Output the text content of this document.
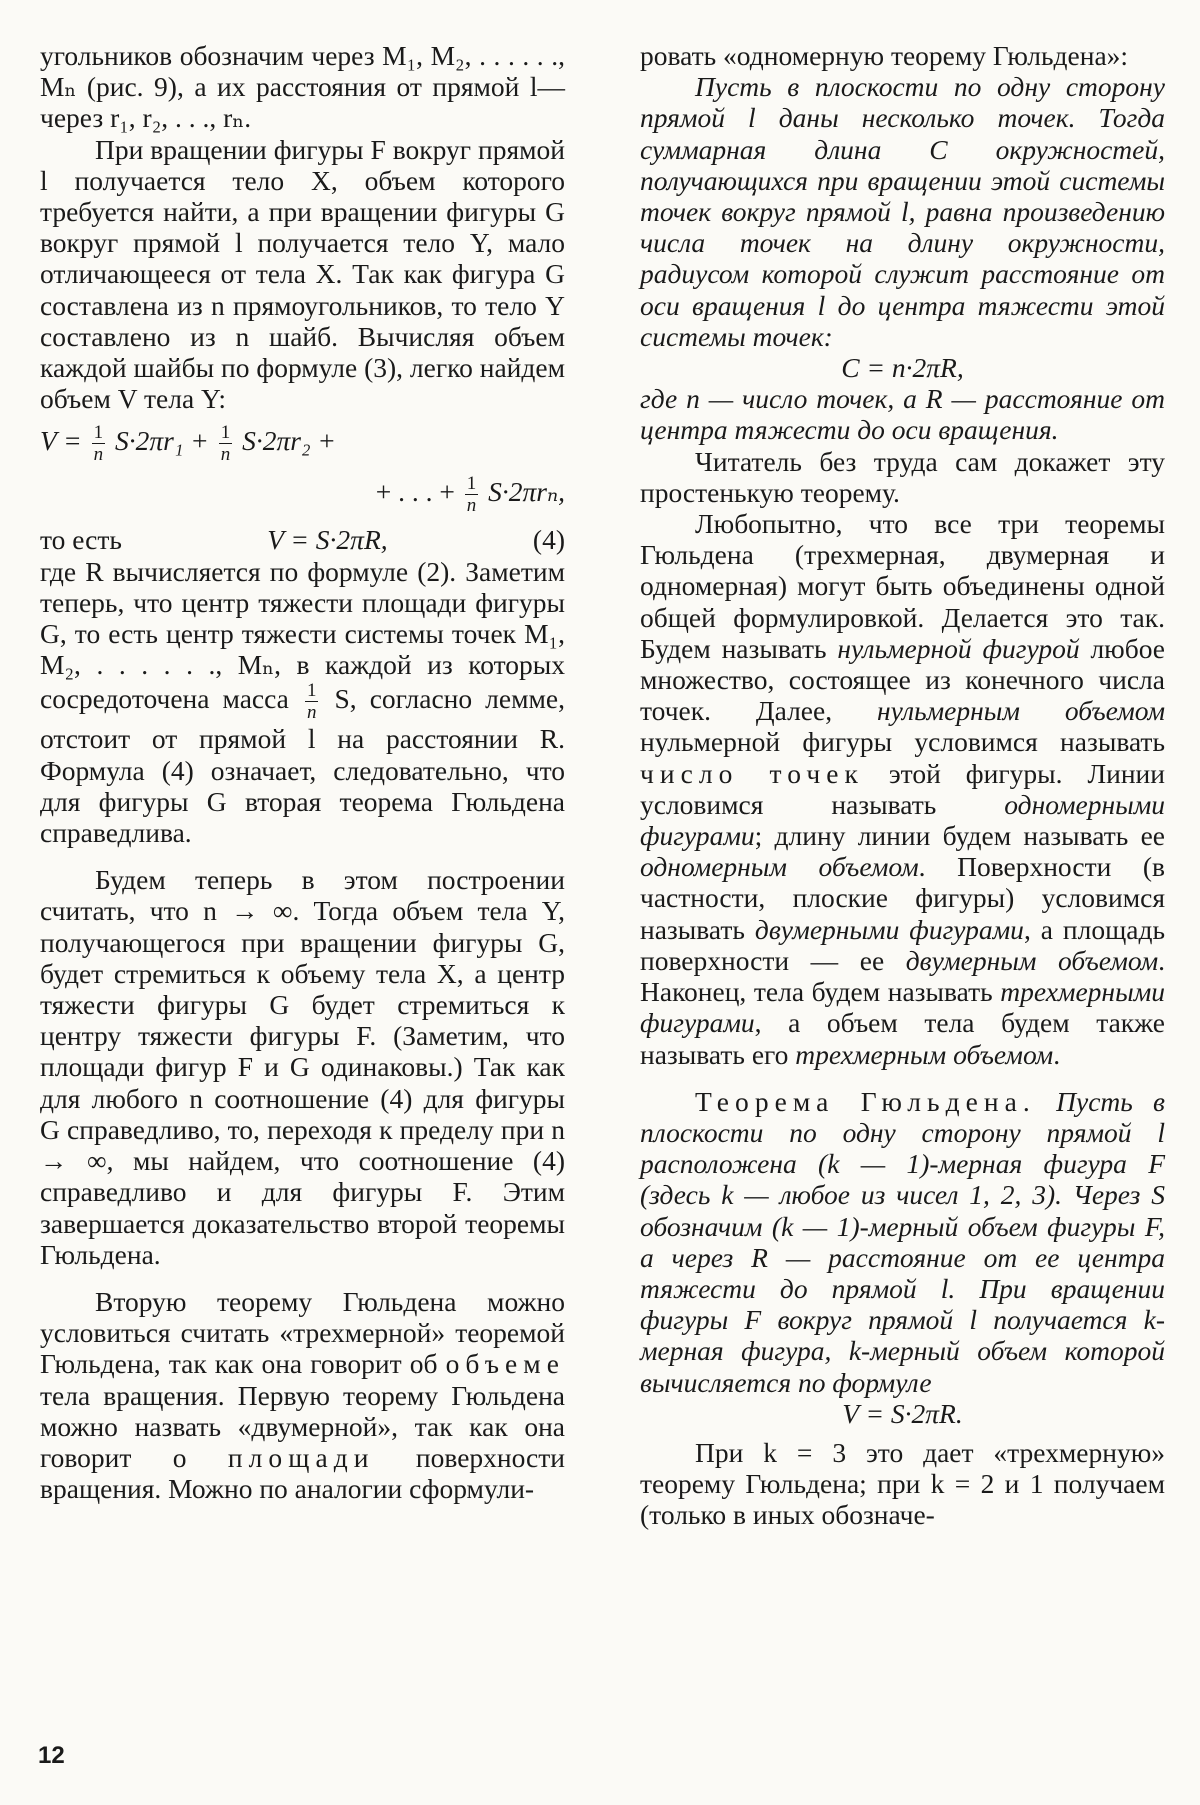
угольников обозначим через M₁, M₂, . . . . . ., Mₙ (рис. 9), а их расстояния от прямой l—через r₁, r₂, . . ., rₙ.

При вращении фигуры F вокруг прямой l получается тело X, объем которого требуется найти, а при вращении фигуры G вокруг прямой l получается тело Y, мало отличающееся от тела X. Так как фигура G составлена из n прямоугольников, то тело Y составлено из n шайб. Вычисляя объем каждой шайбы по формуле (3), легко найдем объем V тела Y:

$V = \frac{1}{n} S\cdot 2\pi r_1 + \frac{1}{n} S\cdot 2\pi r_2$ +

+ . . . + $\frac{1}{n} S\cdot 2\pi r_n$,

то есть	V = S·2πR,	(4)

где R вычисляется по формуле (2). Заметим теперь, что центр тяжести площади фигуры G, то есть центр тяжести системы точек M₁, M₂, . . . . . ., Mₙ, в каждой из которых сосредоточена масса $\frac{1}{n} S$, согласно лемме, отстоит от прямой l на расстоянии R. Формула (4) означает, следовательно, что для фигуры G вторая теорема Гюльдена справедлива.

Будем теперь в этом построении считать, что n → ∞. Тогда объем тела Y, получающегося при вращении фигуры G, будет стремиться к объему тела X, а центр тяжести фигуры G будет стремиться к центру тяжести фигуры F. (Заметим, что площади фигур F и G одинаковы.) Так как для любого n соотношение (4) для фигуры G справедливо, то, переходя к пределу при n → ∞, мы найдем, что соотношение (4) справедливо и для фигуры F. Этим завершается доказательство второй теоремы Гюльдена.

Вторую теорему Гюльдена можно условиться считать «трехмерной» теоремой Гюльдена, так как она говорит об объеме тела вращения. Первую теорему Гюльдена можно назвать «двумерной», так как она говорит о площади поверхности вращения. Можно по аналогии сформули-

ровать «одномерную теорему Гюльдена»:

Пусть в плоскости по одну сторону прямой l даны несколько точек. Тогда суммарная длина C окружностей, получающихся при вращении этой системы точек вокруг прямой l, равна произведению числа точек на длину окружности, радиусом которой служит расстояние от оси вращения l до центра тяжести этой системы точек:

C = n·2πR,

где n — число точек, а R — расстояние от центра тяжести до оси вращения.

Читатель без труда сам докажет эту простенькую теорему.

Любопытно, что все три теоремы Гюльдена (трехмерная, двумерная и одномерная) могут быть объединены одной общей формулировкой. Делается это так. Будем называть нульмерной фигурой любое множество, состоящее из конечного числа точек. Далее, нульмерным объемом нульмерной фигуры условимся называть число точек этой фигуры. Линии условимся называть одномерными фигурами; длину линии будем называть ее одномерным объемом. Поверхности (в частности, плоские фигуры) условимся называть двумерными фигурами, а площадь поверхности — ее двумерным объемом. Наконец, тела будем называть трехмерными фигурами, а объем тела будем также называть его трехмерным объемом.

Теорема Гюльдена. Пусть в плоскости по одну сторону прямой l расположена (k — 1)-мерная фигура F (здесь k — любое из чисел 1, 2, 3). Через S обозначим (k — 1)-мерный объем фигуры F, а через R — расстояние от ее центра тяжести до прямой l. При вращении фигуры F вокруг прямой l получается k-мерная фигура, k-мерный объем которой вычисляется по формуле

V = S·2πR.

При k = 3 это дает «трехмерную» теорему Гюльдена; при k = 2 и 1 получаем (только в иных обозначе-

12
